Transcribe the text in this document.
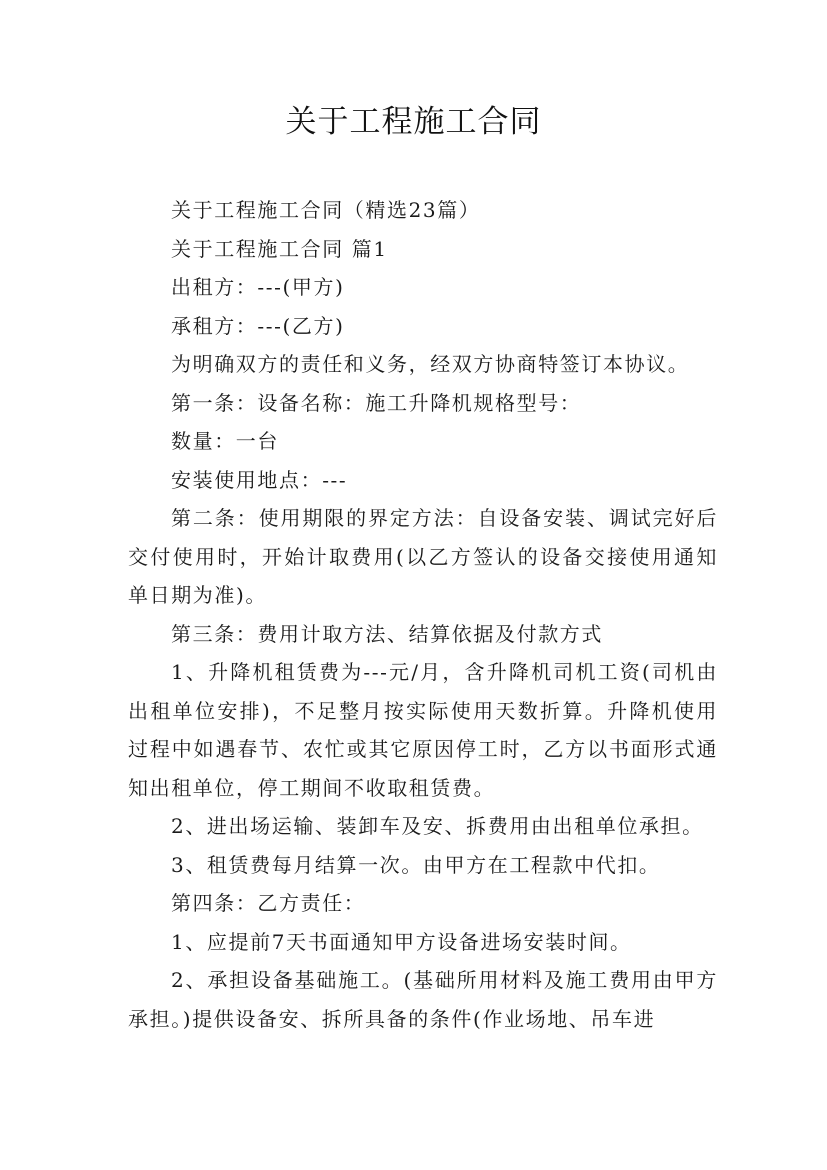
关于工程施工合同

关于工程施工合同（精选23篇）

关于工程施工合同 篇1

出租方：---(甲方)

承租方：---(乙方)

为明确双方的责任和义务，经双方协商特签订本协议。

第一条：设备名称：施工升降机规格型号：

数量：一台

安装使用地点：---

第二条：使用期限的界定方法：自设备安装、调试完好后交付使用时，开始计取费用(以乙方签认的设备交接使用通知单日期为准)。

第三条：费用计取方法、结算依据及付款方式

1、升降机租赁费为---元/月，含升降机司机工资(司机由出租单位安排)，不足整月按实际使用天数折算。升降机使用过程中如遇春节、农忙或其它原因停工时，乙方以书面形式通知出租单位，停工期间不收取租赁费。

2、进出场运输、装卸车及安、拆费用由出租单位承担。

3、租赁费每月结算一次。由甲方在工程款中代扣。

第四条：乙方责任：

1、应提前7天书面通知甲方设备进场安装时间。

2、承担设备基础施工。(基础所用材料及施工费用由甲方承担。)提供设备安、拆所具备的条件(作业场地、吊车进
